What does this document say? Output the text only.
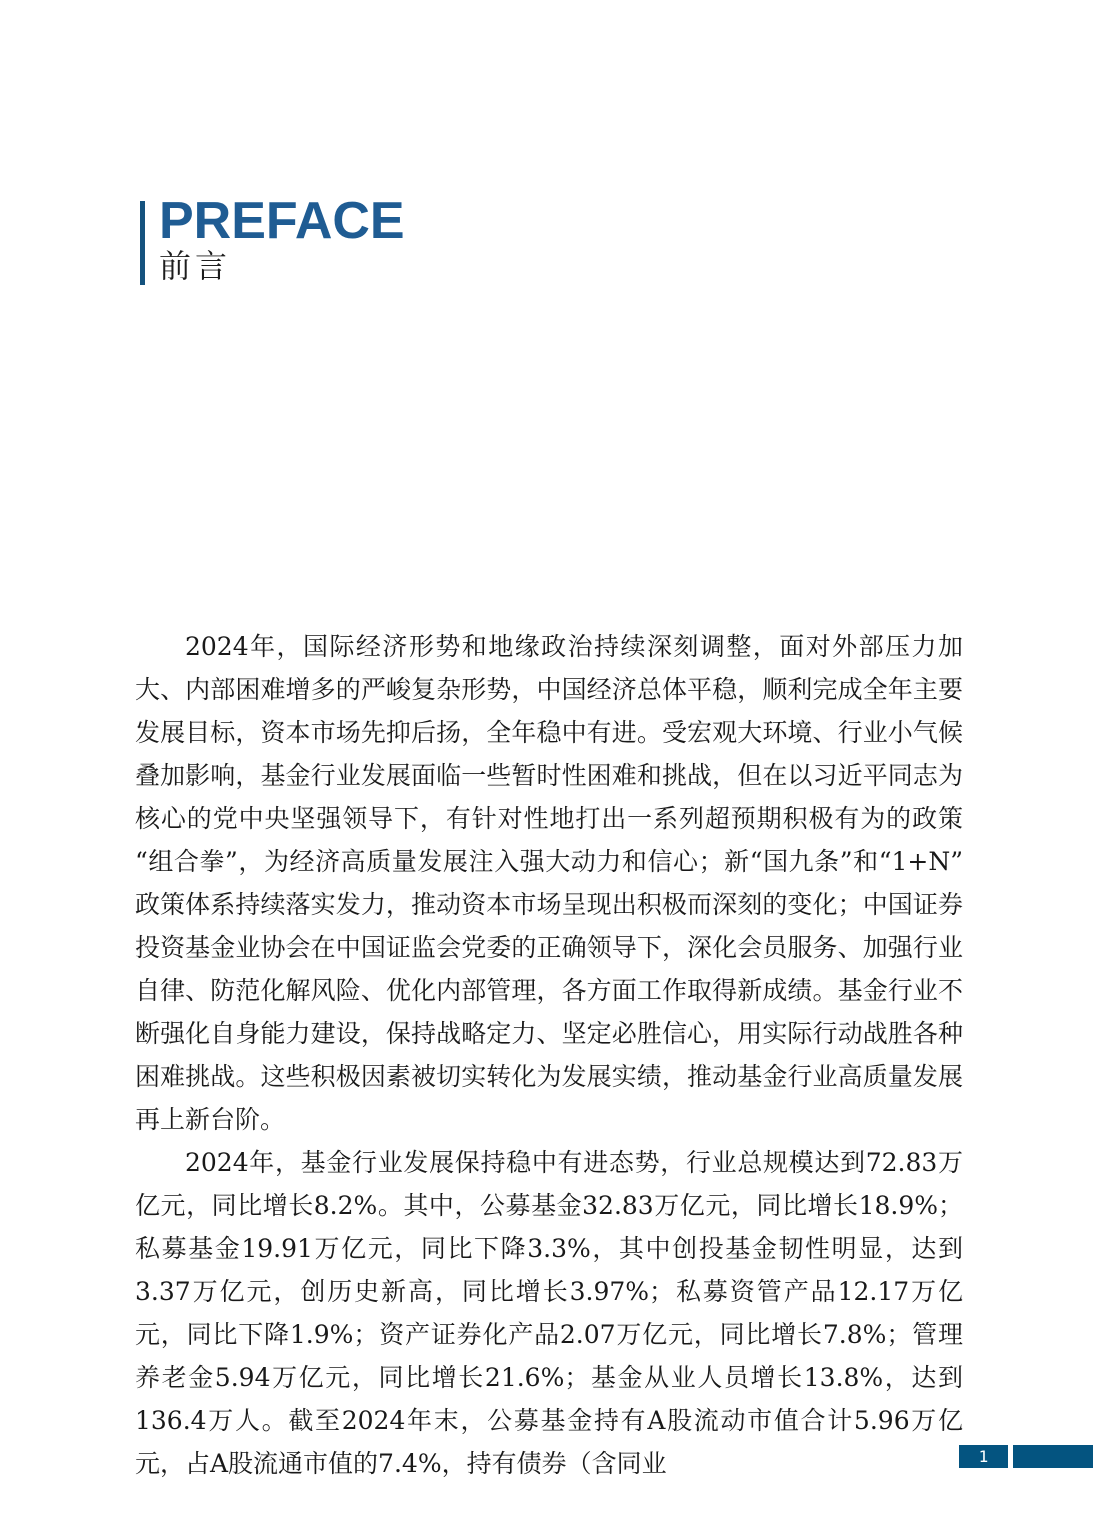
PREFACE
前言

2024年，国际经济形势和地缘政治持续深刻调整，面对外部压力加大、内部困难增多的严峻复杂形势，中国经济总体平稳，顺利完成全年主要发展目标，资本市场先抑后扬，全年稳中有进。受宏观大环境、行业小气候叠加影响，基金行业发展面临一些暂时性困难和挑战，但在以习近平同志为核心的党中央坚强领导下，有针对性地打出一系列超预期积极有为的政策“组合拳”，为经济高质量发展注入强大动力和信心；新“国九条”和“1+N”政策体系持续落实发力，推动资本市场呈现出积极而深刻的变化；中国证券投资基金业协会在中国证监会党委的正确领导下，深化会员服务、加强行业自律、防范化解风险、优化内部管理，各方面工作取得新成绩。基金行业不断强化自身能力建设，保持战略定力、坚定必胜信心，用实际行动战胜各种困难挑战。这些积极因素被切实转化为发展实绩，推动基金行业高质量发展再上新台阶。

2024年，基金行业发展保持稳中有进态势，行业总规模达到72.83万亿元，同比增长8.2%。其中，公募基金32.83万亿元，同比增长18.9%；私募基金19.91万亿元，同比下降3.3%，其中创投基金韧性明显，达到3.37万亿元，创历史新高，同比增长3.97%；私募资管产品12.17万亿元，同比下降1.9%；资产证券化产品2.07万亿元，同比增长7.8%；管理养老金5.94万亿元，同比增长21.6%；基金从业人员增长13.8%，达到136.4万人。截至2024年末，公募基金持有A股流动市值合计5.96万亿元，占A股流通市值的7.4%，持有债券（含同业	1
